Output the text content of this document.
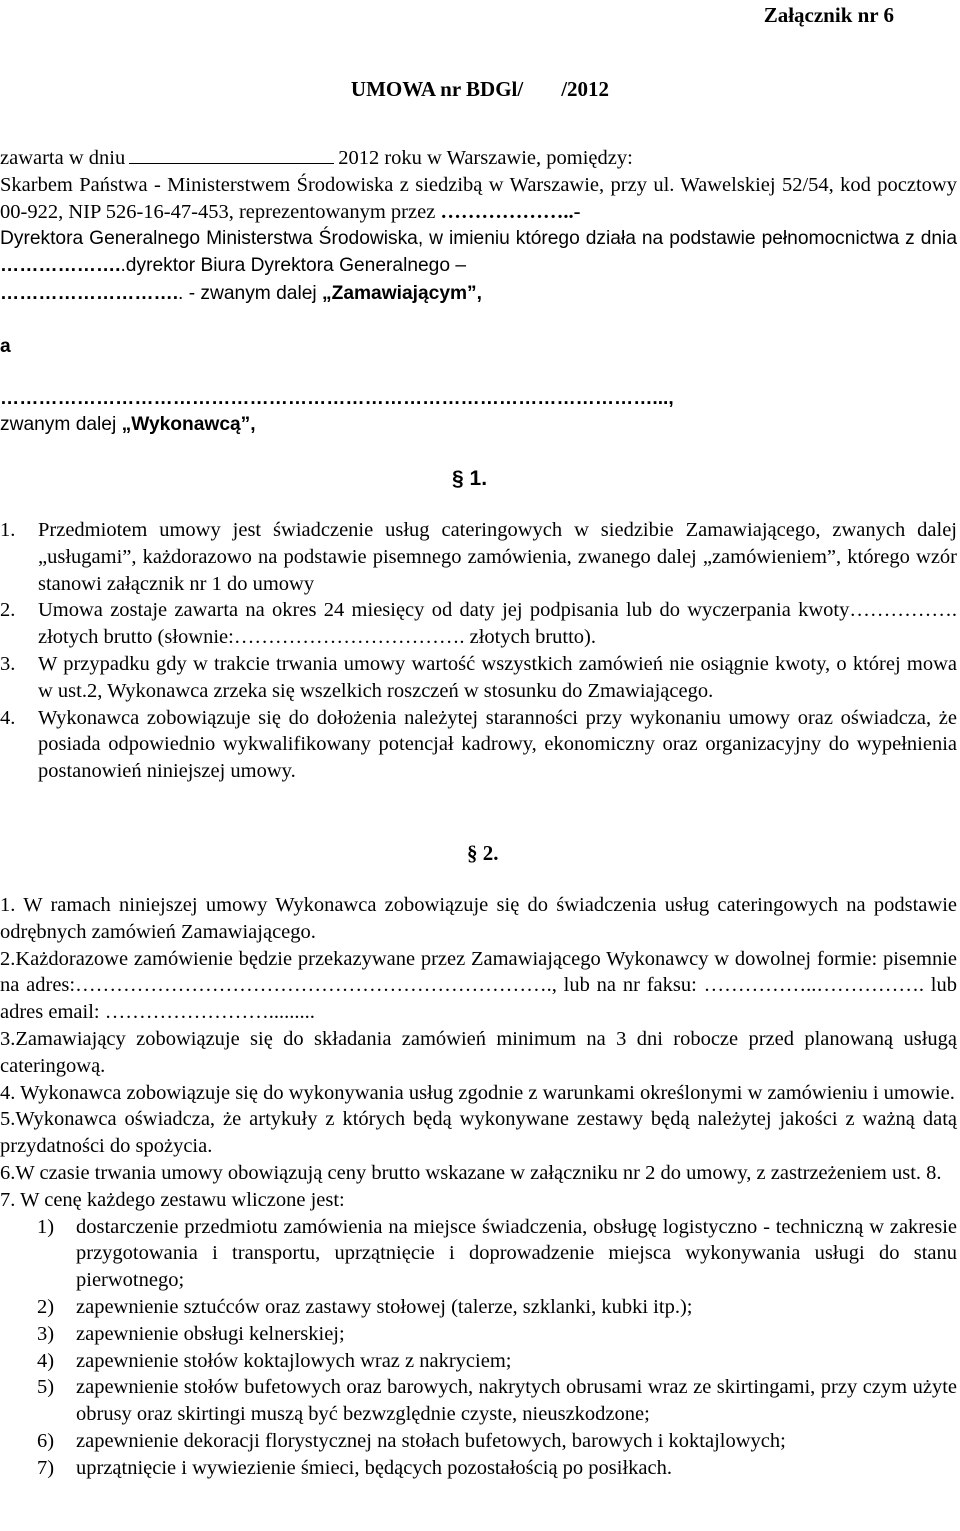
Załącznik nr 6
UMOWA nr BDGl/ /2012
zawarta w dniu	2012 roku w Warszawie, pomiędzy:
Skarbem Państwa - Ministerstwem Środowiska z siedzibą w Warszawie, przy ul. Wawelskiej 52/54, kod pocztowy 00-922, NIP 526-16-47-453, reprezentowanym przez ………………..-
Dyrektora Generalnego Ministerstwa Środowiska, w imieniu którego działa na podstawie pełnomocnictwa z dnia ………………..dyrektor Biura Dyrektora Generalnego –
……………………….. - zwanym dalej „Zamawiającym”,
a
…………………………………………………………………………………………...,
zwanym dalej „Wykonawcą”,
§ 1.
1. Przedmiotem umowy jest świadczenie usług cateringowych w siedzibie Zamawiającego, zwanych dalej „usługami”, każdorazowo na podstawie pisemnego zamówienia, zwanego dalej „zamówieniem”, którego wzór stanowi załącznik nr 1 do umowy
2. Umowa zostaje zawarta na okres 24 miesięcy od daty jej podpisania lub do wyczerpania kwoty……………. złotych brutto (słownie:……………………………. złotych brutto).
3. W przypadku gdy w trakcie trwania umowy wartość wszystkich zamówień nie osiągnie kwoty, o której mowa w ust.2, Wykonawca zrzeka się wszelkich roszczeń w stosunku do Zmawiającego.
4. Wykonawca zobowiązuje się do dołożenia należytej staranności przy wykonaniu umowy oraz oświadcza, że posiada odpowiednio wykwalifikowany potencjał kadrowy, ekonomiczny oraz organizacyjny do wypełnienia postanowień niniejszej umowy.
§ 2.
1. W ramach niniejszej umowy Wykonawca zobowiązuje się do świadczenia usług cateringowych na podstawie odrębnych zamówień Zamawiającego.
2.Każdorazowe zamówienie będzie przekazywane przez Zamawiającego Wykonawcy w dowolnej formie: pisemnie na adres:……………………………………………………………., lub na nr faksu: ……………..……………. lub adres email: …………………….........
3.Zamawiający zobowiązuje się do składania zamówień minimum na 3 dni robocze przed planowaną usługą cateringową.
4. Wykonawca zobowiązuje się do wykonywania usług zgodnie z warunkami określonymi w zamówieniu i umowie.
5.Wykonawca oświadcza, że artykuły z których będą wykonywane zestawy będą należytej jakości z ważną datą przydatności do spożycia.
6.W czasie trwania umowy obowiązują ceny brutto wskazane w załączniku nr 2 do umowy, z zastrzeżeniem ust. 8.
7. W cenę każdego zestawu wliczone jest:
1) dostarczenie przedmiotu zamówienia na miejsce świadczenia, obsługę logistyczno - techniczną w zakresie przygotowania i transportu, uprzątnięcie i doprowadzenie miejsca wykonywania usługi do stanu pierwotnego;
2) zapewnienie sztućców oraz zastawy stołowej (talerze, szklanki, kubki itp.);
3) zapewnienie obsługi kelnerskiej;
4) zapewnienie stołów koktajlowych wraz z nakryciem;
5) zapewnienie stołów bufetowych oraz barowych, nakrytych obrusami wraz ze skirtingami, przy czym użyte obrusy oraz skirtingi muszą być bezwzględnie czyste, nieuszkodzone;
6) zapewnienie dekoracji florystycznej na stołach bufetowych, barowych i koktajlowych;
7) uprzątnięcie i wywiezienie śmieci, będących pozostałością po posiłkach.
